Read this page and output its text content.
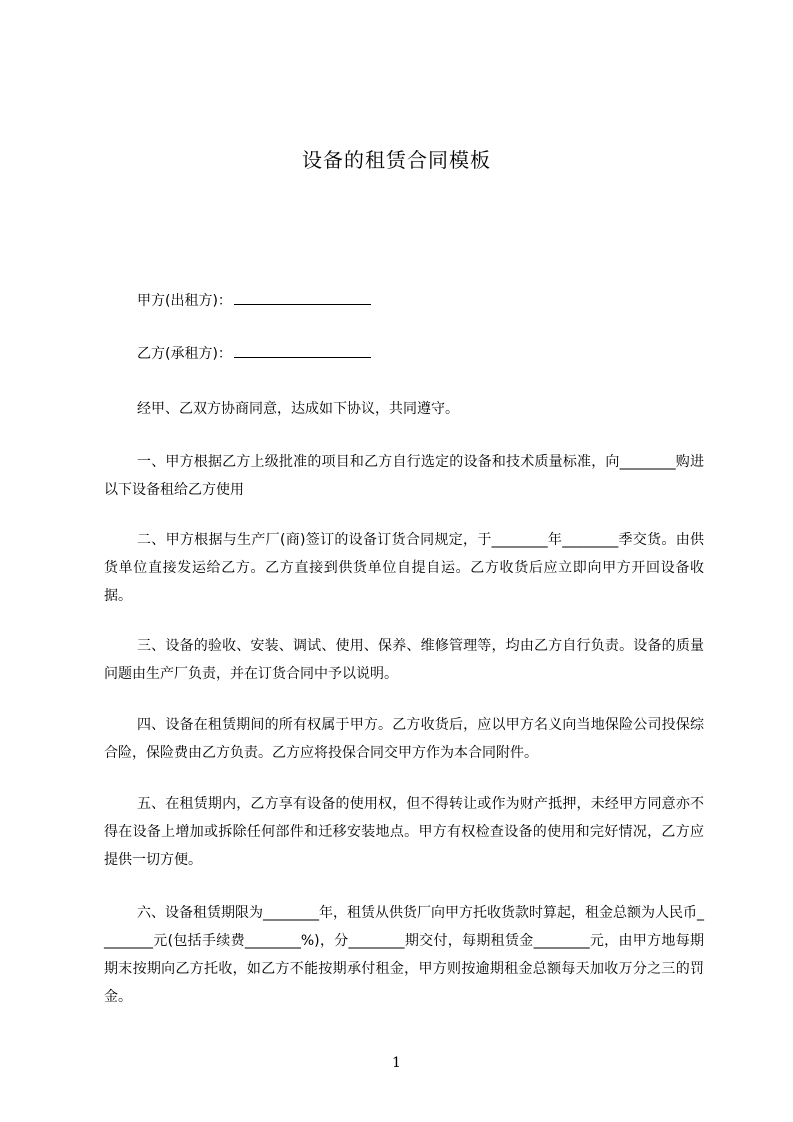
设备的租赁合同模板
甲方(出租方)：
乙方(承租方)：

经甲、乙双方协商同意，达成如下协议，共同遵守。

一、甲方根据乙方上级批准的项目和乙方自行选定的设备和技术质量标准，向________购进以下设备租给乙方使用

二、甲方根据与生产厂(商)签订的设备订货合同规定，于________年________季交货。由供货单位直接发运给乙方。乙方直接到供货单位自提自运。乙方收货后应立即向甲方开回设备收据。

三、设备的验收、安装、调试、使用、保养、维修管理等，均由乙方自行负责。设备的质量问题由生产厂负责，并在订货合同中予以说明。

四、设备在租赁期间的所有权属于甲方。乙方收货后，应以甲方名义向当地保险公司投保综合险，保险费由乙方负责。乙方应将投保合同交甲方作为本合同附件。

五、在租赁期内，乙方享有设备的使用权，但不得转让或作为财产抵押，未经甲方同意亦不得在设备上增加或拆除任何部件和迁移安装地点。甲方有权检查设备的使用和完好情况，乙方应提供一切方便。

六、设备租赁期限为________年，租赁从供货厂向甲方托收货款时算起，租金总额为人民币________元(包括手续费________%)，分________期交付，每期租赁金________元，由甲方地每期期末按期向乙方托收，如乙方不能按期承付租金，甲方则按逾期租金总额每天加收万分之三的罚金。

1
